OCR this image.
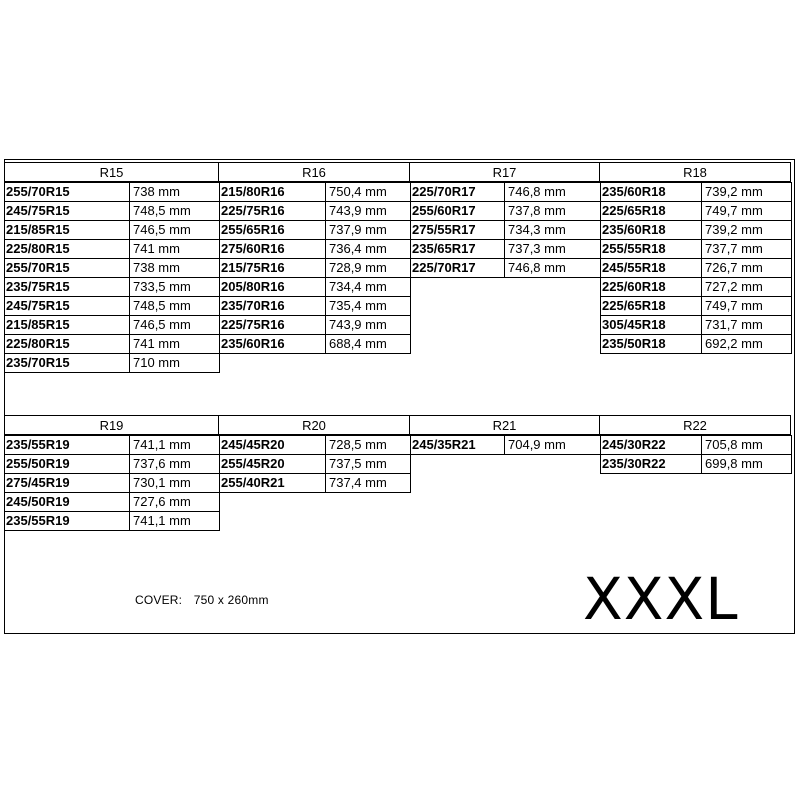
R15
255/70R15	738 mm
245/75R15	748,5 mm
215/85R15	746,5 mm
225/80R15	741 mm
255/70R15	738 mm
235/75R15	733,5 mm
245/75R15	748,5 mm
215/85R15	746,5 mm
225/80R15	741 mm
235/70R15	710 mm
R16
215/80R16	750,4 mm
225/75R16	743,9 mm
255/65R16	737,9 mm
275/60R16	736,4 mm
215/75R16	728,9 mm
205/80R16	734,4 mm
235/70R16	735,4 mm
225/75R16	743,9 mm
235/60R16	688,4 mm
R17
225/70R17	746,8 mm
255/60R17	737,8 mm
275/55R17	734,3 mm
235/65R17	737,3 mm
225/70R17	746,8 mm
R18
235/60R18	739,2 mm
225/65R18	749,7 mm
235/60R18	739,2 mm
255/55R18	737,7 mm
245/55R18	726,7 mm
225/60R18	727,2 mm
225/65R18	749,7 mm
305/45R18	731,7 mm
235/50R18	692,2 mm
R19
235/55R19	741,1 mm
255/50R19	737,6 mm
275/45R19	730,1 mm
245/50R19	727,6 mm
235/55R19	741,1 mm
R20
245/45R20	728,5 mm
255/45R20	737,5 mm
255/40R21	737,4 mm
R21
245/35R21	704,9 mm
R22
245/30R22	705,8 mm
235/30R22	699,8 mm
COVER: 750 x 260mm	XXXL
